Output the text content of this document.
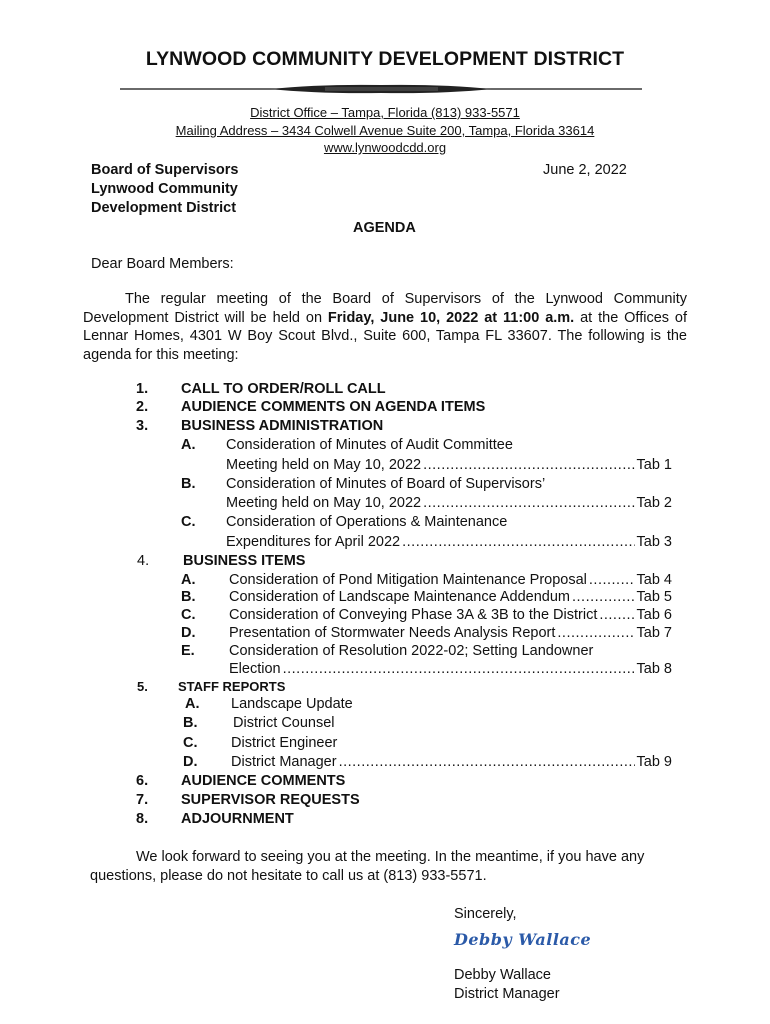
LYNWOOD COMMUNITY DEVELOPMENT DISTRICT
District Office – Tampa, Florida (813) 933-5571
Mailing Address – 3434 Colwell Avenue Suite 200, Tampa, Florida 33614
www.lynwoodcdd.org
Board of Supervisors
Lynwood Community
Development District
June 2, 2022
AGENDA
Dear Board Members:
The regular meeting of the Board of Supervisors of the Lynwood Community Development District will be held on Friday, June 10, 2022 at 11:00 a.m. at the Offices of Lennar Homes, 4301 W Boy Scout Blvd., Suite 600, Tampa FL 33607. The following is the agenda for this meeting:
1. CALL TO ORDER/ROLL CALL
2. AUDIENCE COMMENTS ON AGENDA ITEMS
3. BUSINESS ADMINISTRATION
A. Consideration of Minutes of Audit Committee
Meeting held on May 10, 2022 .....	Tab 1
B. Consideration of Minutes of Board of Supervisors’
Meeting held on May 10, 2022 .....	Tab 2
C. Consideration of Operations & Maintenance
Expenditures for April 2022 .....	Tab 3
4. BUSINESS ITEMS
A. Consideration of Pond Mitigation Maintenance Proposal .....	Tab 4
B. Consideration of Landscape Maintenance Addendum .....	Tab 5
C. Consideration of Conveying Phase 3A & 3B to the District .....	Tab 6
D. Presentation of Stormwater Needs Analysis Report .....	Tab 7
E. Consideration of Resolution 2022-02; Setting Landowner
Election .....	Tab 8
5. STAFF REPORTS
A. Landscape Update
B. District Counsel
C. District Engineer
D. District Manager .....	Tab 9
6. AUDIENCE COMMENTS
7. SUPERVISOR REQUESTS
8. ADJOURNMENT
We look forward to seeing you at the meeting. In the meantime, if you have any questions, please do not hesitate to call us at (813) 933-5571.
Sincerely,
Debby Wallace
Debby Wallace
District Manager
